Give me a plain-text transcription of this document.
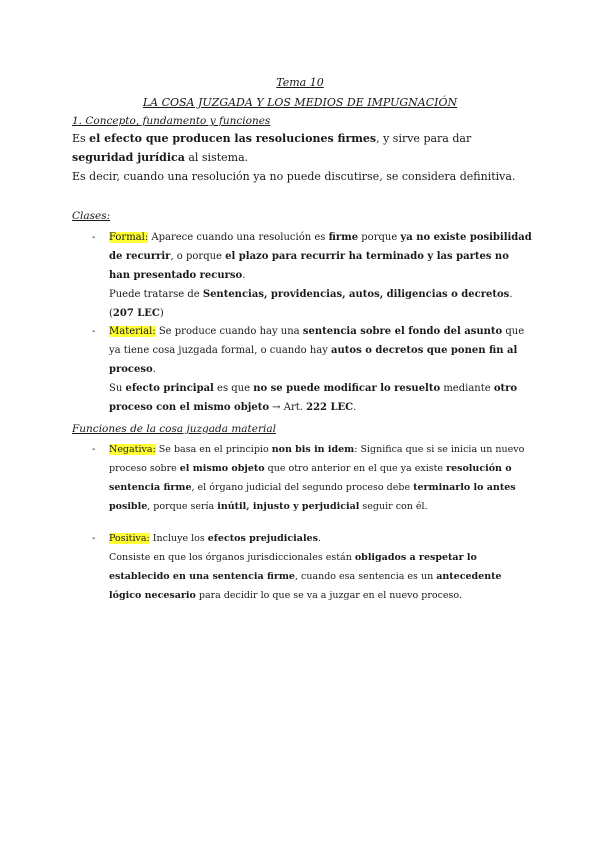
Tema 10
LA COSA JUZGADA Y LOS MEDIOS DE IMPUGNACIÓN
1. Concepto, fundamento y funciones
Es el efecto que producen las resoluciones firmes, y sirve para dar seguridad jurídica al sistema.
Es decir, cuando una resolución ya no puede discutirse, se considera definitiva.
Clases:
- Formal: Aparece cuando una resolución es firme porque ya no existe posibilidad de recurrir, o porque el plazo para recurrir ha terminado y las partes no han presentado recurso.
Puede tratarse de Sentencias, providencias, autos, diligencias o decretos. (207 LEC)
- Material: Se produce cuando hay una sentencia sobre el fondo del asunto que ya tiene cosa juzgada formal, o cuando hay autos o decretos que ponen fin al proceso.
Su efecto principal es que no se puede modificar lo resuelto mediante otro proceso con el mismo objeto → Art. 222 LEC.
Funciones de la cosa juzgada material
- Negativa: Se basa en el principio non bis in idem: Significa que si se inicia un nuevo proceso sobre el mismo objeto que otro anterior en el que ya existe resolución o sentencia firme, el órgano judicial del segundo proceso debe terminarlo lo antes posible, porque sería inútil, injusto y perjudicial seguir con él.
- Positiva: Incluye los efectos prejudiciales.
Consiste en que los órganos jurisdiccionales están obligados a respetar lo establecido en una sentencia firme, cuando esa sentencia es un antecedente lógico necesario para decidir lo que se va a juzgar en el nuevo proceso.
